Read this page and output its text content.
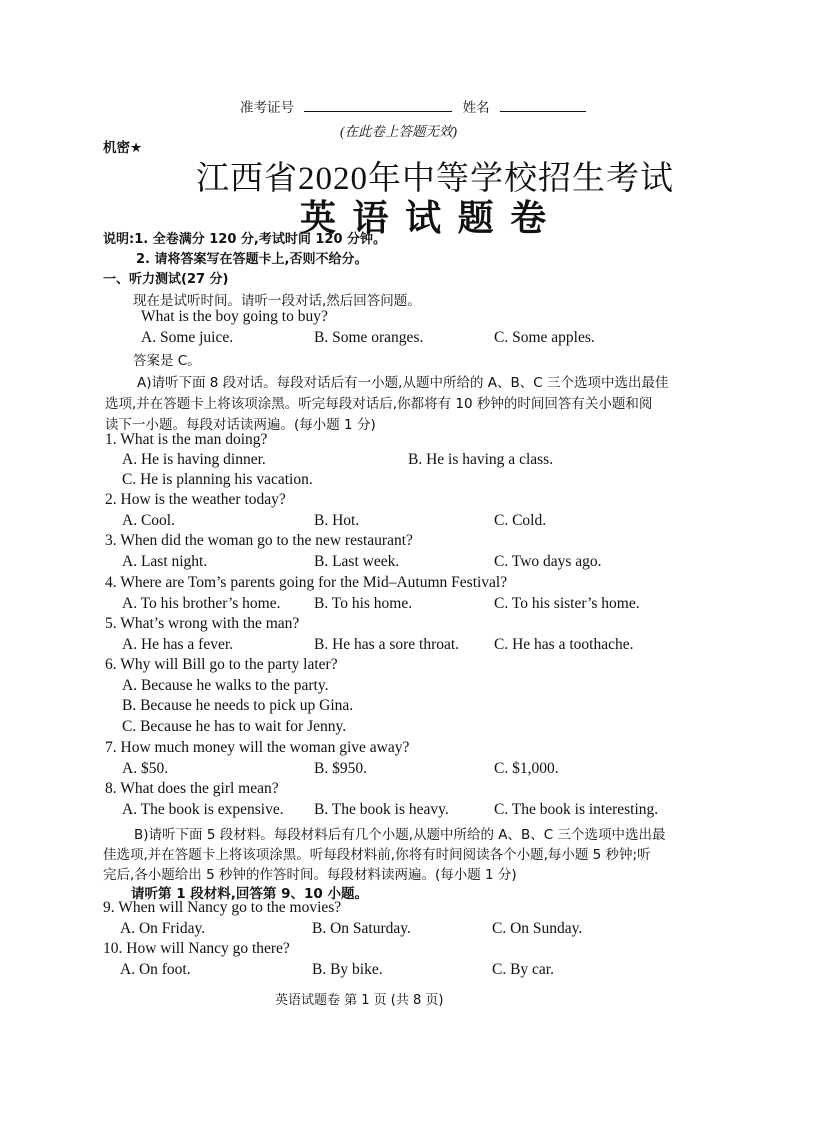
准考证号	姓名
(在此卷上答题无效)
机密★
江西省2020年中等学校招生考试
英 语 试 题 卷
说明:1. 全卷满分 120 分,考试时间 120 分钟。
2. 请将答案写在答题卡上,否则不给分。
一、听力测试(27 分)
现在是试听时间。请听一段对话,然后回答问题。
What is the boy going to buy?
A. Some juice.	B. Some oranges.	C. Some apples.
答案是 C。
A)请听下面 8 段对话。每段对话后有一小题,从题中所给的 A、B、C 三个选项中选出最佳
选项,并在答题卡上将该项涂黑。听完每段对话后,你都将有 10 秒钟的时间回答有关小题和阅
读下一小题。每段对话读两遍。(每小题 1 分)
1. What is the man doing?
A. He is having dinner.	B. He is having a class.
C. He is planning his vacation.
2. How is the weather today?
A. Cool.	B. Hot.	C. Cold.
3. When did the woman go to the new restaurant?
A. Last night.	B. Last week.	C. Two days ago.
4. Where are Tom’s parents going for the Mid–Autumn Festival?
A. To his brother’s home. B. To his home.	C. To his sister’s home.
5. What’s wrong with the man?
A. He has a fever.	B. He has a sore throat. C. He has a toothache.
6. Why will Bill go to the party later?
A. Because he walks to the party.
B. Because he needs to pick up Gina.
C. Because he has to wait for Jenny.
7. How much money will the woman give away?
A. $50.	B. $950.	C. $1,000.
8. What does the girl mean?
A. The book is expensive. B. The book is heavy.	C. The book is interesting.
B)请听下面 5 段材料。每段材料后有几个小题,从题中所给的 A、B、C 三个选项中选出最
佳选项,并在答题卡上将该项涂黑。听每段材料前,你将有时间阅读各个小题,每小题 5 秒钟;听
完后,各小题给出 5 秒钟的作答时间。每段材料读两遍。(每小题 1 分)
请听第 1 段材料,回答第 9、10 小题。
9. When will Nancy go to the movies?
A. On Friday.	B. On Saturday.	C. On Sunday.
10. How will Nancy go there?
A. On foot.	B. By bike.	C. By car.
英语试题卷 第 1 页 (共 8 页)
